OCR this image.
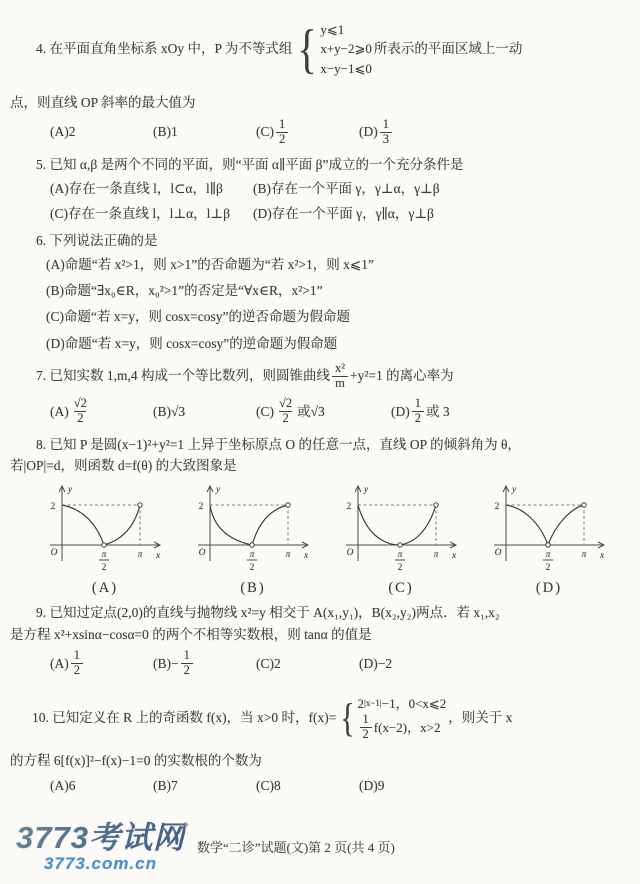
4. 在平面直角坐标系 xOy 中，P 为不等式组 { y⩽1
x+y−2⩾0
x−y−1⩽0
所表示的平面区域上一动
点，则直线 OP 斜率的最大值为
(A)2	(B)1	$(C) \frac{1}{2}$	$(D) \frac{1}{3}$
5. 已知 α,β 是两个不同的平面，则“平面 α∥平面 β”成立的一个充分条件是
(A)存在一条直线 l，l⊂α，l∥β	(B)存在一个平面 γ，γ⊥α，γ⊥β
(C)存在一条直线 l，l⊥α，l⊥β	(D)存在一个平面 γ，γ∥α，γ⊥β
6. 下列说法正确的是
(A)命题“若 x²>1，则 x>1”的否命题为“若 x²>1，则 x⩽1”
(B)命题“∃x₀∈R，x₀²>1”的否定是“∀x∈R，x²>1”
(C)命题“若 x=y，则 cosx=cosy”的逆否命题为假命题
(D)命题“若 x=y，则 cosx=cosy”的逆命题为假命题
7. 已知实数 1,m,4 构成一个等比数列，则圆锥曲线 $\frac{\text{x²}}{m} +y^2=1$ 的离心率为
$(A) \frac{√2}{2}$	(B)√3	$(C) \frac{√2}{2}$ 或√3	$(D) \frac{1}{2}$ 或 3
8. 已知 P 是圆(x−1)²+y²=1 上异于坐标原点 O 的任意一点，直线 OP 的倾斜角为 θ，
若|OP|=d，则函数 d=f(θ) 的大致图象是
2
O
y
x
π
2
π
(A)
2
O
y
x
π
2
π
(B)
2
O
y
x
π
2
π
(C)
2
O
y
x
π
2
π
(D)
9. 已知过定点(2,0)的直线与抛物线 x²=y 相交于 A(x₁,y₁)，B(x₂,y₂)两点．若 x₁,x₂
是方程 x²+xsinα−cosα=0 的两个不相等实数根，则 tanα 的值是
$(A) \frac{1}{2}$	$(B)- \frac{1}{2}$	(C)2	(D)−2
10. 已知定义在 R 上的奇函数 f(x)，当 x>0 时，f(x)= { 2 |x−1| −1，0<x⩽2
$\frac{1}{2} f(x-2)$，x>2
，则关于 x
的方程 6[f(x)]²−f(x)−1=0 的实数根的个数为
(A)6	(B)7	(C)8	(D)9
3773考试网
3773.com.cn
数学“二诊”试题(文)第 2 页(共 4 页)
